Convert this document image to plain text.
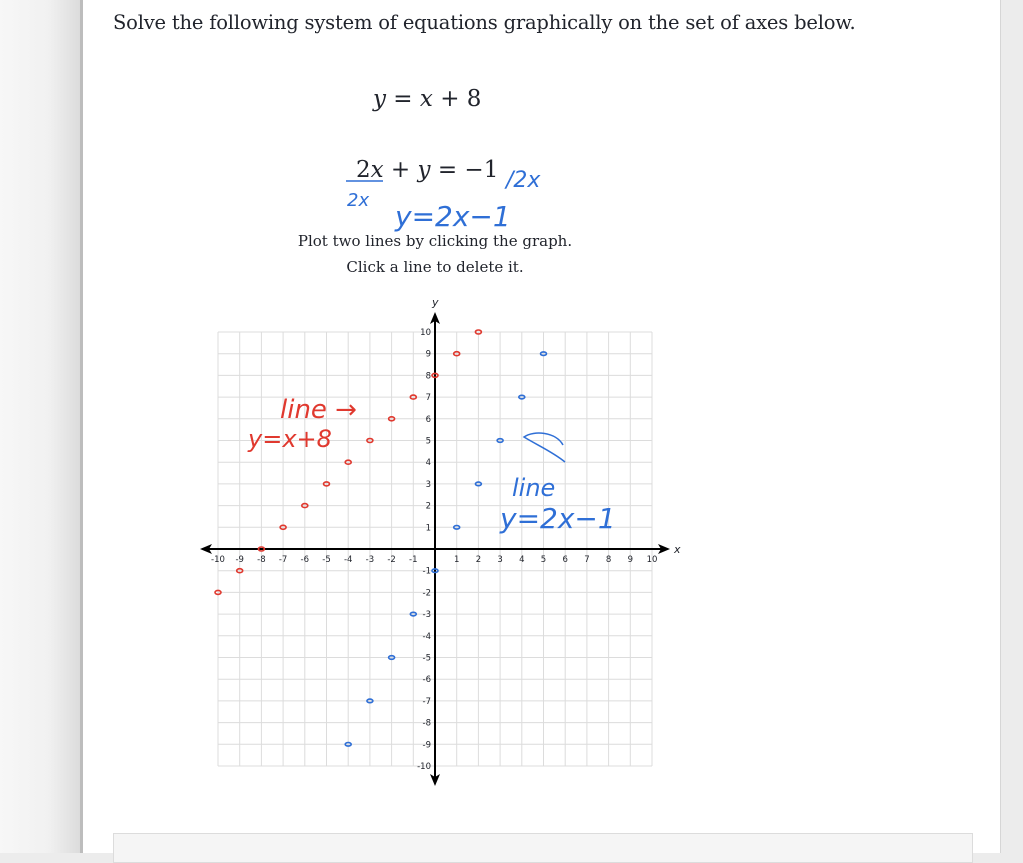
Solve the following system of equations graphically on the set of axes below.
y = x + 8
2x + y = −1
Plot two lines by clicking the graph.
Click a line to delete it.
-10 -9 -8 -7 -6 -5 -4 -3 -2 -1	1 2 3 4 5 6 7 8 9 10
10
9
8
7
6
5
4
3
2
1
-1
-2
-3
-4
-5
-6
-7
-8
-9
-10
x
y
/2x
2x y=2x−1
line →
y=x+8
line
y=2x−1
